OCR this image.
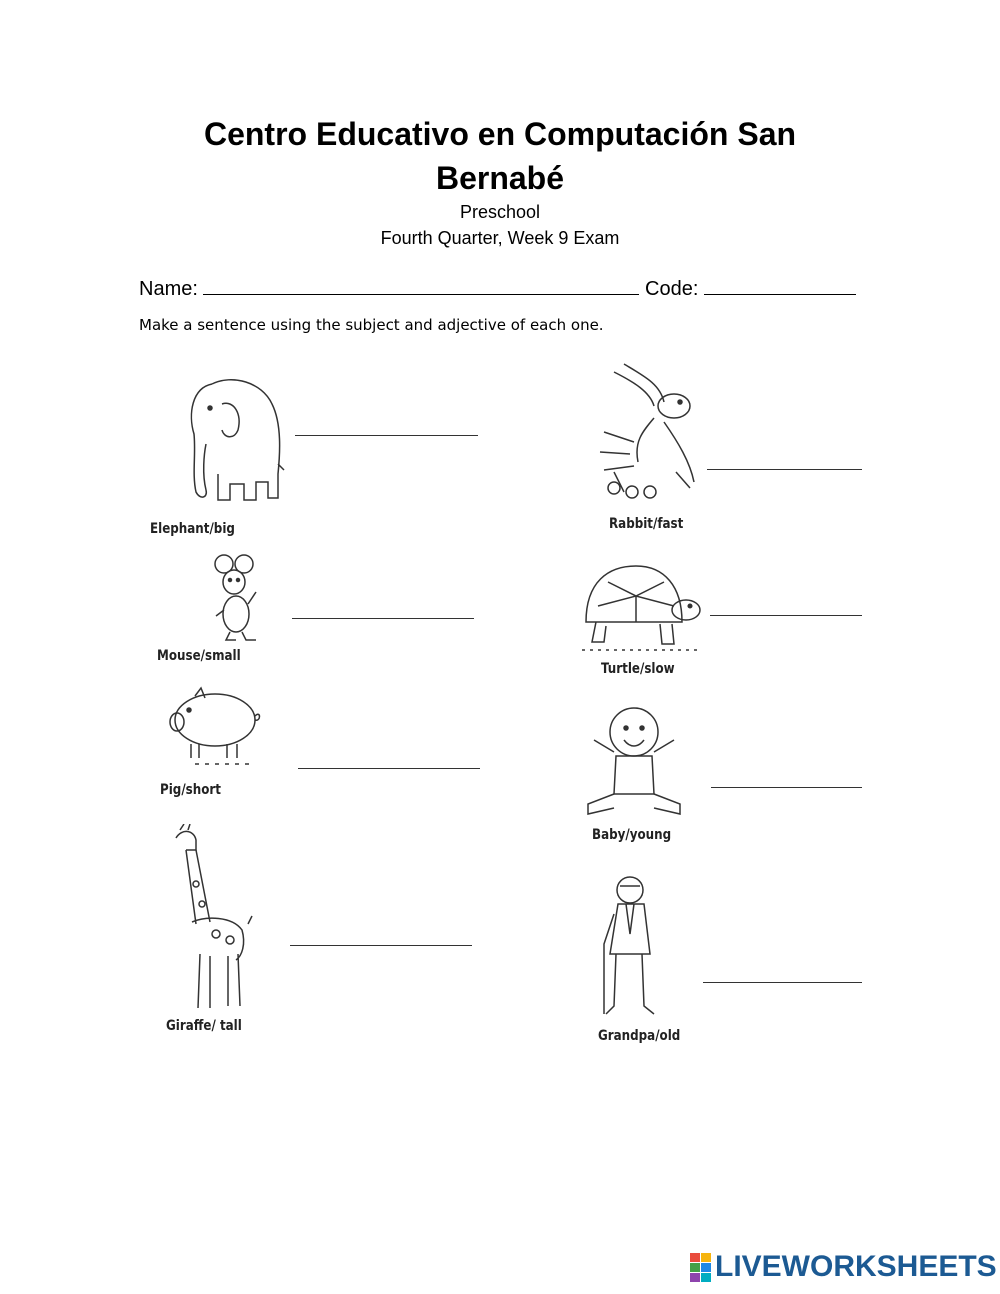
Centro Educativo en Computación San Bernabé
Preschool
Fourth Quarter, Week 9 Exam
Name:	Code:
Make a sentence using the subject and adjective of each one.
Elephant/big
Mouse/small
Pig/short
Giraffe/ tall
Rabbit/fast
Turtle/slow
Baby/young
Grandpa/old
LIVEWORKSHEETS
